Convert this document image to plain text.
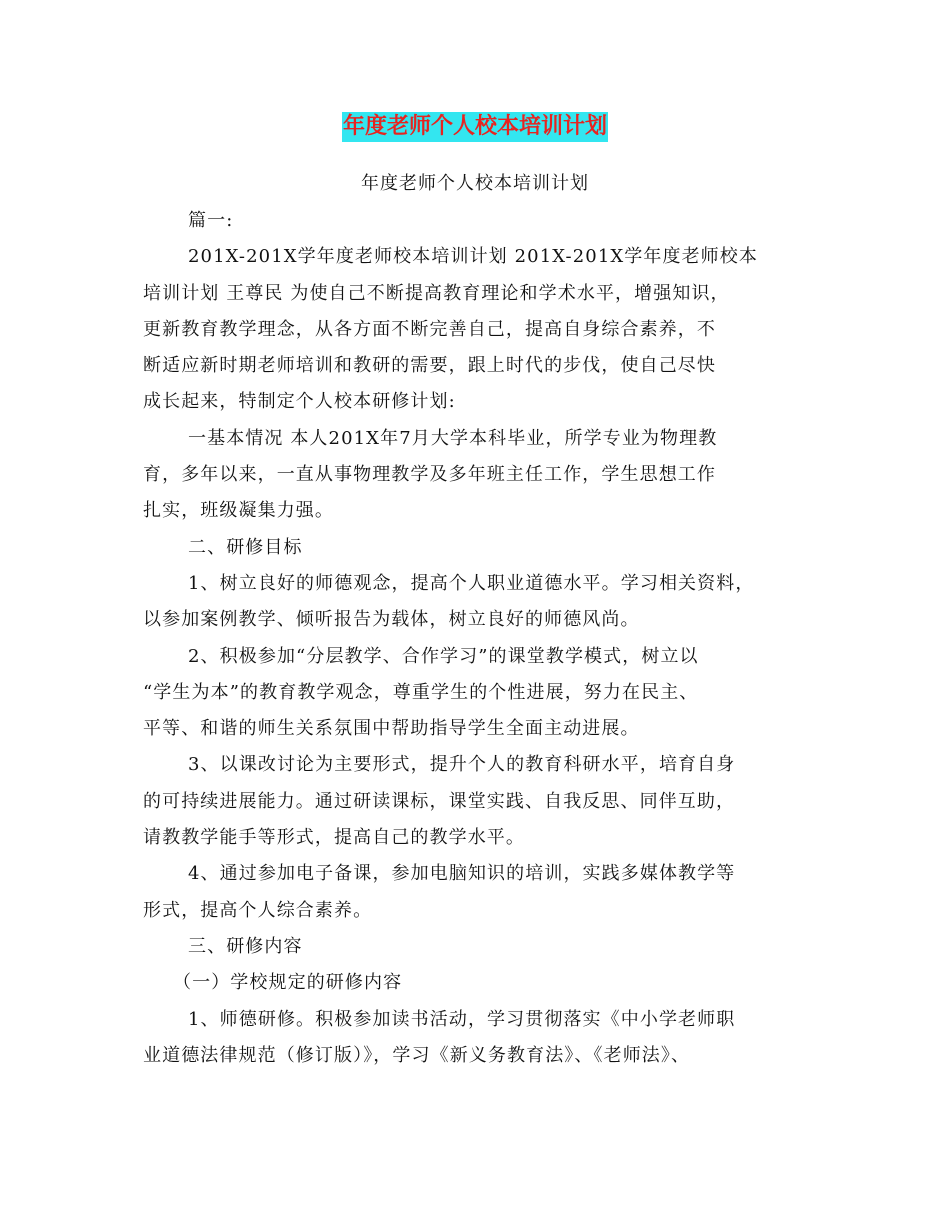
年度老师个人校本培训计划
年度老师个人校本培训计划
篇一:
201X-201X学年度老师校本培训计划 201X-201X学年度老师校本
培训计划 王尊民 为使自己不断提高教育理论和学术水平，增强知识，
更新教育教学理念，从各方面不断完善自己，提高自身综合素养，不
断适应新时期老师培训和教研的需要，跟上时代的步伐，使自己尽快
成长起来，特制定个人校本研修计划:
一基本情况 本人201X年7月大学本科毕业，所学专业为物理教
育，多年以来，一直从事物理教学及多年班主任工作，学生思想工作
扎实，班级凝集力强。
二、研修目标
1、树立良好的师德观念，提高个人职业道德水平。学习相关资料，
以参加案例教学、倾听报告为载体，树立良好的师德风尚。
2、积极参加“分层教学、合作学习”的课堂教学模式，树立以
“学生为本”的教育教学观念，尊重学生的个性进展，努力在民主、
平等、和谐的师生关系氛围中帮助指导学生全面主动进展。
3、以课改讨论为主要形式，提升个人的教育科研水平，培育自身
的可持续进展能力。通过研读课标，课堂实践、自我反思、同伴互助，
请教教学能手等形式，提高自己的教学水平。
4、通过参加电子备课，参加电脑知识的培训，实践多媒体教学等
形式，提高个人综合素养。
三、研修内容
（一）学校规定的研修内容
1、师德研修。积极参加读书活动，学习贯彻落实《中小学老师职
业道德法律规范（修订版）》，学习《新义务教育法》、《老师法》、
